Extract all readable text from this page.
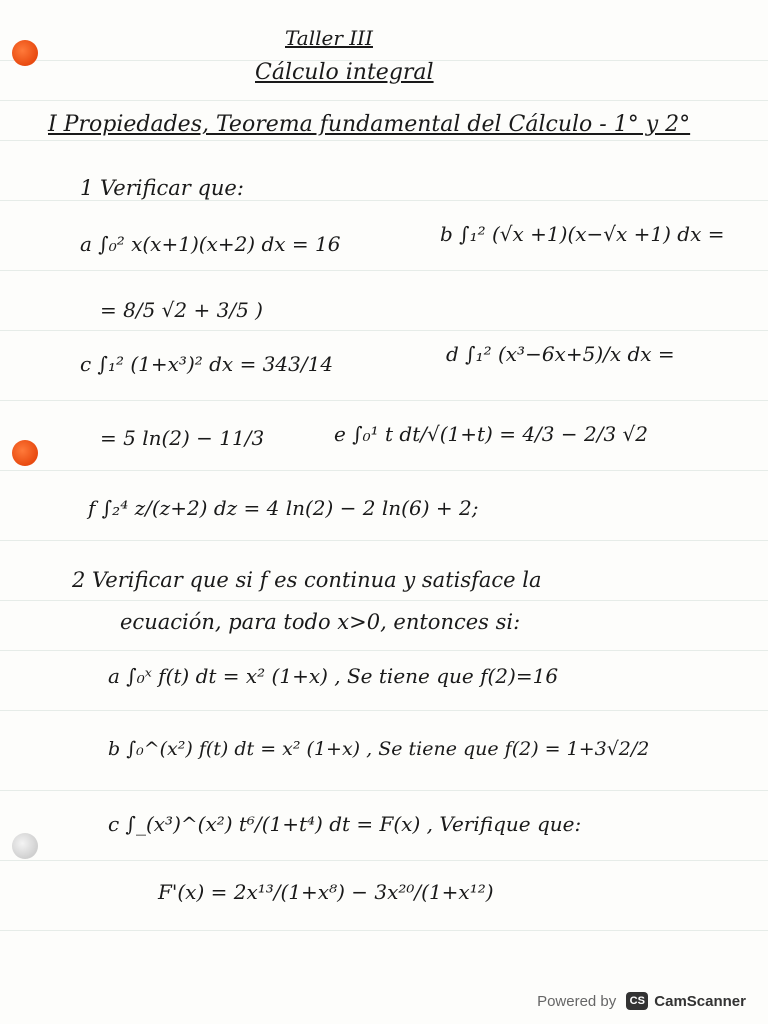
Taller III
Cálculo integral
I Propiedades, Teorema fundamental del Cálculo - 1° y 2°
1 Verificar que:
a ∫₀² x(x+1)(x+2) dx = 16	b ∫₁² (√x +1)(x−√x +1) dx =
= 8/5 √2 + 3/5 )
c ∫₁² (1+x³)² dx = 343/14	d ∫₁² (x³−6x+5)/x dx =
= 5 ln(2) − 11/3	e ∫₀¹ t dt/√(1+t) = 4/3 − 2/3 √2
f ∫₂⁴ z/(z+2) dz = 4 ln(2) − 2 ln(6) + 2;
2 Verificar que si f es continua y satisface la
ecuación, para todo x>0, entonces si:
a ∫₀ˣ f(t) dt = x² (1+x) , Se tiene que f(2)=16
b ∫₀^(x²) f(t) dt = x² (1+x) , Se tiene que f(2) = 1+3√2/2
c ∫_(x³)^(x²) t⁶/(1+t⁴) dt = F(x) , Verifique que:
F'(x) = 2x¹³/(1+x⁸) − 3x²⁰/(1+x¹²)
Powered by	CS CamScanner
